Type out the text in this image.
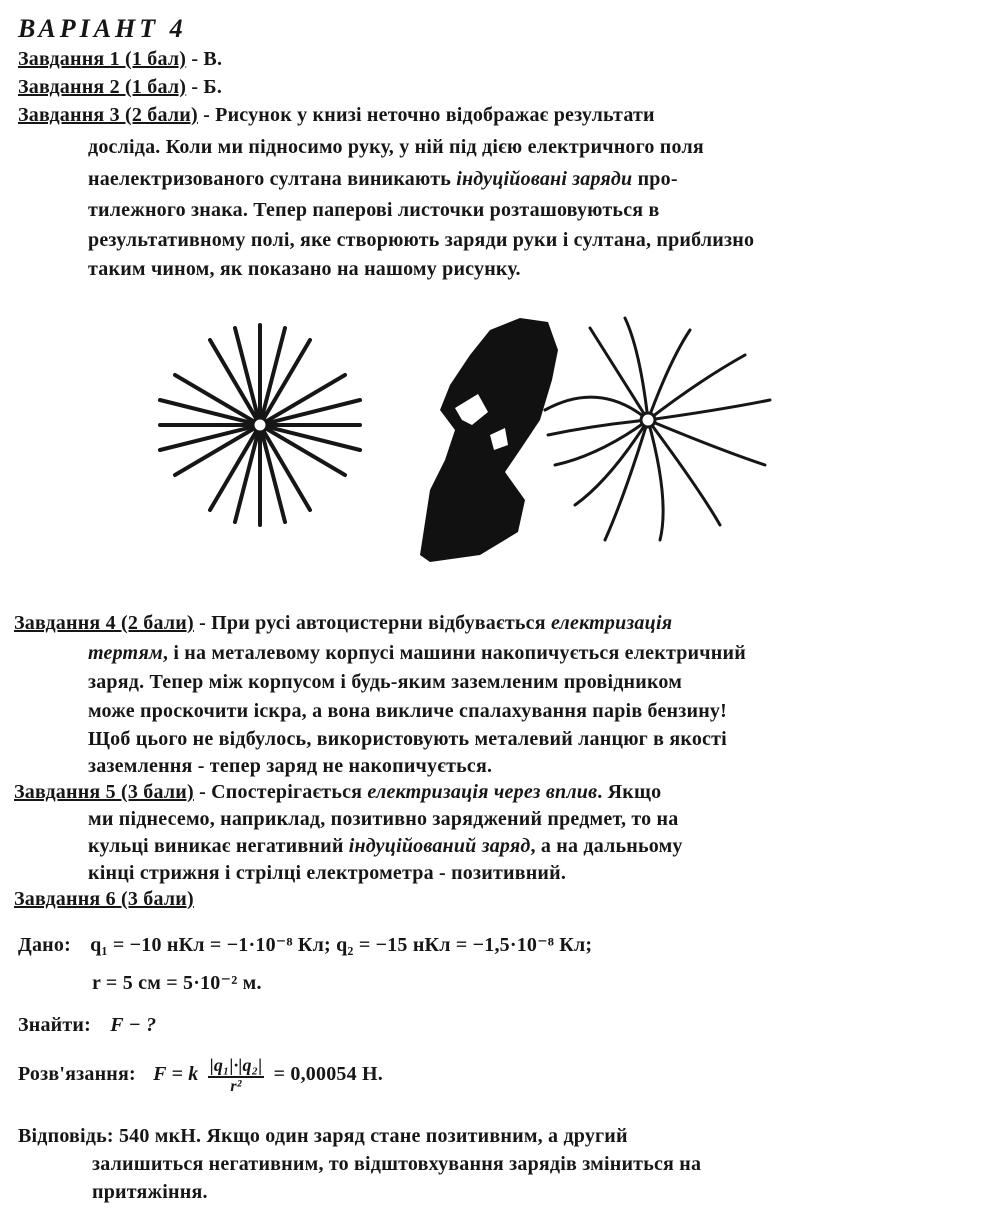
ВАРІАНТ 4
Завдання 1 (1 бал) - В.
Завдання 2 (1 бал) - Б.
Завдання 3 (2 бали) - Рисунок у книзі неточно відображає результати
досліда. Коли ми підносимо руку, у ній під дією електричного поля
наелектризованого султана виникають індуційовані заряди про-
тилежного знака. Тепер паперові листочки розташовуються в
результативному полі, яке створюють заряди руки і султана, приблизно
таким чином, як показано на нашому рисунку.
Завдання 4 (2 бали) - При русі автоцистерни відбувається електризація
тертям, і на металевому корпусі машини накопичується електричний
заряд. Тепер між корпусом і будь-яким заземленим провідником
може проскочити іскра, а вона викличе спалахування парів бензину!
Щоб цього не відбулось, використовують металевий ланцюг в якості
заземлення - тепер заряд не накопичується.
Завдання 5 (3 бали) - Спостерігається електризація через вплив. Якщо
ми піднесемо, наприклад, позитивно заряджений предмет, то на
кульці виникає негативний індуційований заряд, а на дальньому
кінці стрижня і стрілці електрометра - позитивний.
Завдання 6 (3 бали)
Дано: q₁ = −10 нКл = −1·10⁻⁸ Кл; q₂ = −15 нКл = −1,5·10⁻⁸ Кл;
r = 5 см = 5·10⁻² м.
Знайти: F − ?
Розв'язання: F = k $\frac{\text{|q₁|·|q₂|}}{\text{r²}} = 0,00054$ Н.
Відповідь: 540 мкН. Якщо один заряд стане позитивним, а другий
залишиться негативним, то відштовхування зарядів зміниться на
притяжіння.
